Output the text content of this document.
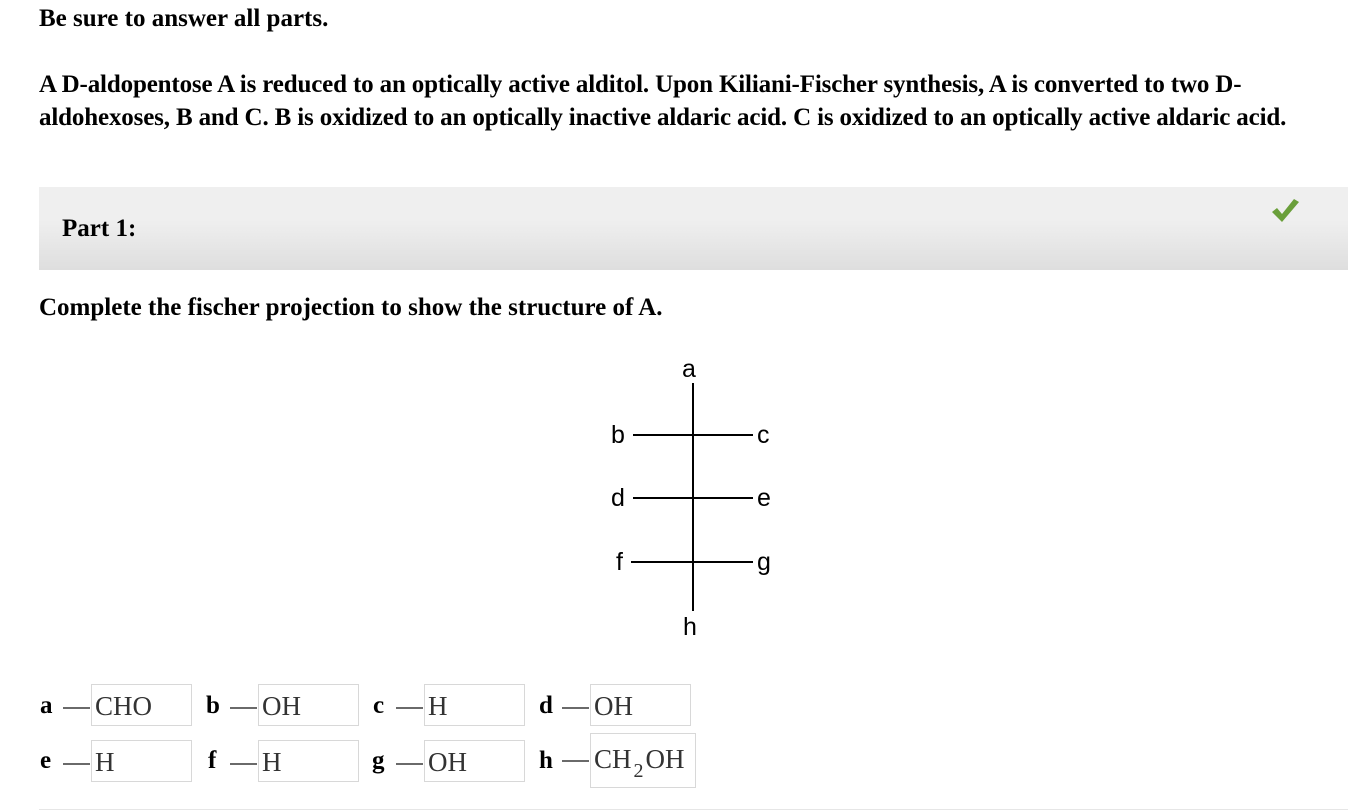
Be sure to answer all parts.
A D-aldopentose A is reduced to an optically active alditol. Upon Kiliani-Fischer synthesis, A is converted to two D-aldohexoses, B and C. B is oxidized to an optically inactive aldaric acid. C is oxidized to an optically active aldaric acid.
Part 1:
Complete the fischer projection to show the structure of A.
a
b	c
d	e
f	g
h
a CHO	b OH	c H	d OH
e H	f H	g OH	h CH $_2$OH
